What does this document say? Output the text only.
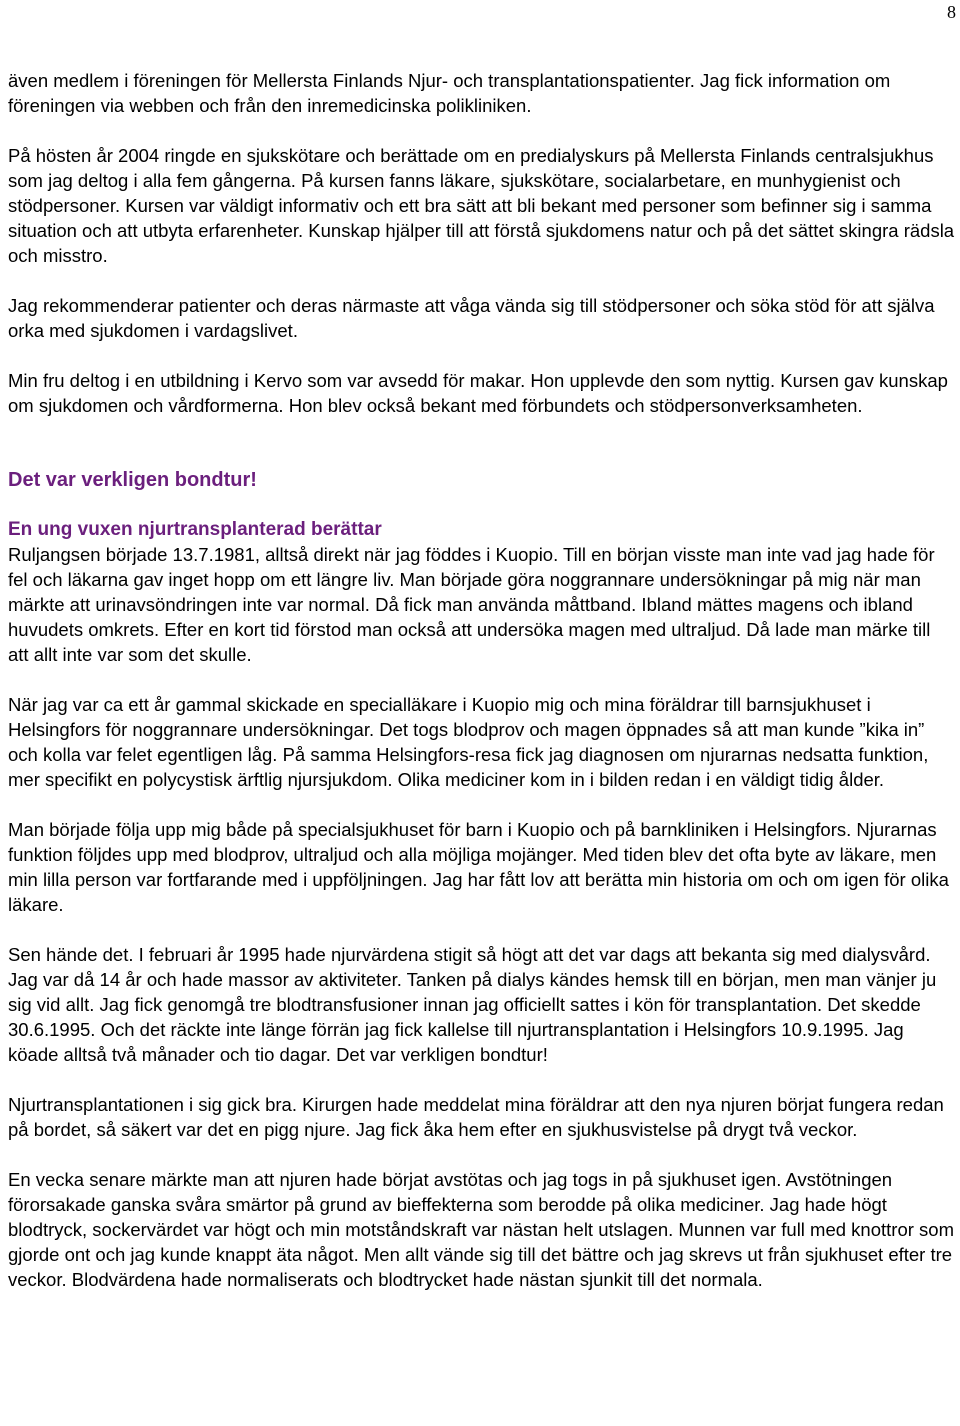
8

även medlem i föreningen för Mellersta Finlands Njur- och transplantationspatienter. Jag fick information om föreningen via webben och från den inremedicinska polikliniken.

På hösten år 2004 ringde en sjukskötare och berättade om en predialyskurs på Mellersta Finlands centralsjukhus som jag deltog i alla fem gångerna. På kursen fanns läkare, sjukskötare, socialarbetare, en munhygienist och stödpersoner. Kursen var väldigt informativ och ett bra sätt att bli bekant med personer som befinner sig i samma situation och att utbyta erfarenheter. Kunskap hjälper till att förstå sjukdomens natur och på det sättet skingra rädsla och misstro.

Jag rekommenderar patienter och deras närmaste att våga vända sig till stödpersoner och söka stöd för att själva orka med sjukdomen i vardagslivet.

Min fru deltog i en utbildning i Kervo som var avsedd för makar. Hon upplevde den som nyttig. Kursen gav kunskap om sjukdomen och vårdformerna. Hon blev också bekant med förbundets och stödpersonverksamheten.

Det var verkligen bondtur!

En ung vuxen njurtransplanterad berättar

Ruljangsen började 13.7.1981, alltså direkt när jag föddes i Kuopio. Till en början visste man inte vad jag hade för fel och läkarna gav inget hopp om ett längre liv. Man började göra noggrannare undersökningar på mig när man märkte att urinavsöndringen inte var normal. Då fick man använda måttband. Ibland mättes magens och ibland huvudets omkrets. Efter en kort tid förstod man också att undersöka magen med ultraljud. Då lade man märke till att allt inte var som det skulle.

När jag var ca ett år gammal skickade en specialläkare i Kuopio mig och mina föräldrar till barnsjukhuset i Helsingfors för noggrannare undersökningar. Det togs blodprov och magen öppnades så att man kunde ”kika in” och kolla var felet egentligen låg. På samma Helsingfors-resa fick jag diagnosen om njurarnas nedsatta funktion, mer specifikt en polycystisk ärftlig njursjukdom. Olika mediciner kom in i bilden redan i en väldigt tidig ålder.

Man började följa upp mig både på specialsjukhuset för barn i Kuopio och på barnkliniken i Helsingfors. Njurarnas funktion följdes upp med blodprov, ultraljud och alla möjliga mojänger. Med tiden blev det ofta byte av läkare, men min lilla person var fortfarande med i uppföljningen. Jag har fått lov att berätta min historia om och om igen för olika läkare.

Sen hände det. I februari år 1995 hade njurvärdena stigit så högt att det var dags att bekanta sig med dialysvård. Jag var då 14 år och hade massor av aktiviteter. Tanken på dialys kändes hemsk till en början, men man vänjer ju sig vid allt. Jag fick genomgå tre blodtransfusioner innan jag officiellt sattes i kön för transplantation. Det skedde 30.6.1995. Och det räckte inte länge förrän jag fick kallelse till njurtransplantation i Helsingfors 10.9.1995. Jag köade alltså två månader och tio dagar. Det var verkligen bondtur!

Njurtransplantationen i sig gick bra. Kirurgen hade meddelat mina föräldrar att den nya njuren börjat fungera redan på bordet, så säkert var det en pigg njure. Jag fick åka hem efter en sjukhusvistelse på drygt två veckor.

En vecka senare märkte man att njuren hade börjat avstötas och jag togs in på sjukhuset igen. Avstötningen förorsakade ganska svåra smärtor på grund av bieffekterna som berodde på olika mediciner. Jag hade högt blodtryck, sockervärdet var högt och min motståndskraft var nästan helt utslagen. Munnen var full med knottror som gjorde ont och jag kunde knappt äta något. Men allt vände sig till det bättre och jag skrevs ut från sjukhuset efter tre veckor. Blodvärdena hade normaliserats och blodtrycket hade nästan sjunkit till det normala.
